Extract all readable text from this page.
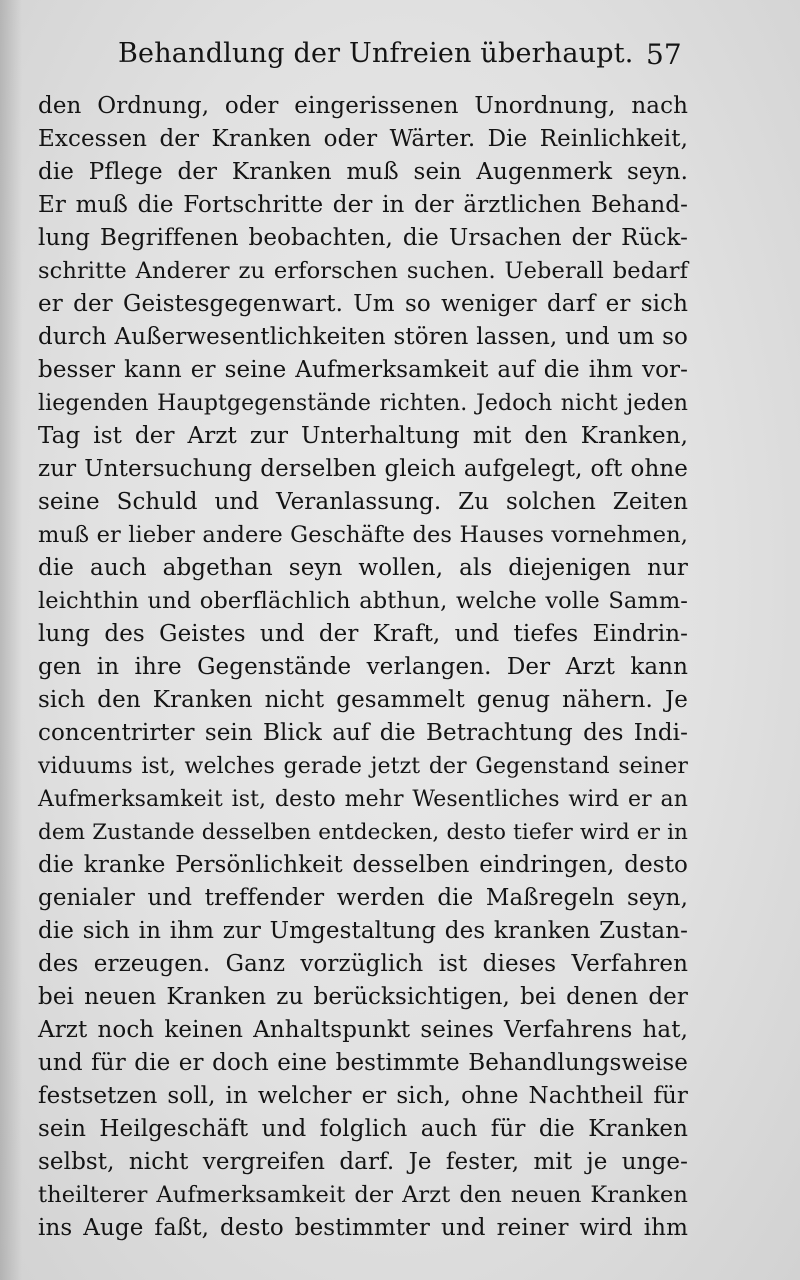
Behandlung der Unfreien überhaupt. 57
den Ordnung, oder eingerissenen Unordnung, nach
Excessen der Kranken oder Wärter. Die Reinlichkeit,
die Pflege der Kranken muß sein Augenmerk seyn.
Er muß die Fortschritte der in der ärztlichen Behand-
lung Begriffenen beobachten, die Ursachen der Rück-
schritte Anderer zu erforschen suchen. Ueberall bedarf
er der Geistesgegenwart. Um so weniger darf er sich
durch Außerwesentlichkeiten stören lassen, und um so
besser kann er seine Aufmerksamkeit auf die ihm vor-
liegenden Hauptgegenstände richten. Jedoch nicht jeden
Tag ist der Arzt zur Unterhaltung mit den Kranken,
zur Untersuchung derselben gleich aufgelegt, oft ohne
seine Schuld und Veranlassung. Zu solchen Zeiten
muß er lieber andere Geschäfte des Hauses vornehmen,
die auch abgethan seyn wollen, als diejenigen nur
leichthin und oberflächlich abthun, welche volle Samm-
lung des Geistes und der Kraft, und tiefes Eindrin-
gen in ihre Gegenstände verlangen. Der Arzt kann
sich den Kranken nicht gesammelt genug nähern. Je
concentrirter sein Blick auf die Betrachtung des Indi-
viduums ist, welches gerade jetzt der Gegenstand seiner
Aufmerksamkeit ist, desto mehr Wesentliches wird er an
dem Zustande desselben entdecken, desto tiefer wird er in
die kranke Persönlichkeit desselben eindringen, desto
genialer und treffender werden die Maßregeln seyn,
die sich in ihm zur Umgestaltung des kranken Zustan-
des erzeugen. Ganz vorzüglich ist dieses Verfahren
bei neuen Kranken zu berücksichtigen, bei denen der
Arzt noch keinen Anhaltspunkt seines Verfahrens hat,
und für die er doch eine bestimmte Behandlungsweise
festsetzen soll, in welcher er sich, ohne Nachtheil für
sein Heilgeschäft und folglich auch für die Kranken
selbst, nicht vergreifen darf. Je fester, mit je unge-
theilterer Aufmerksamkeit der Arzt den neuen Kranken
ins Auge faßt, desto bestimmter und reiner wird ihm
